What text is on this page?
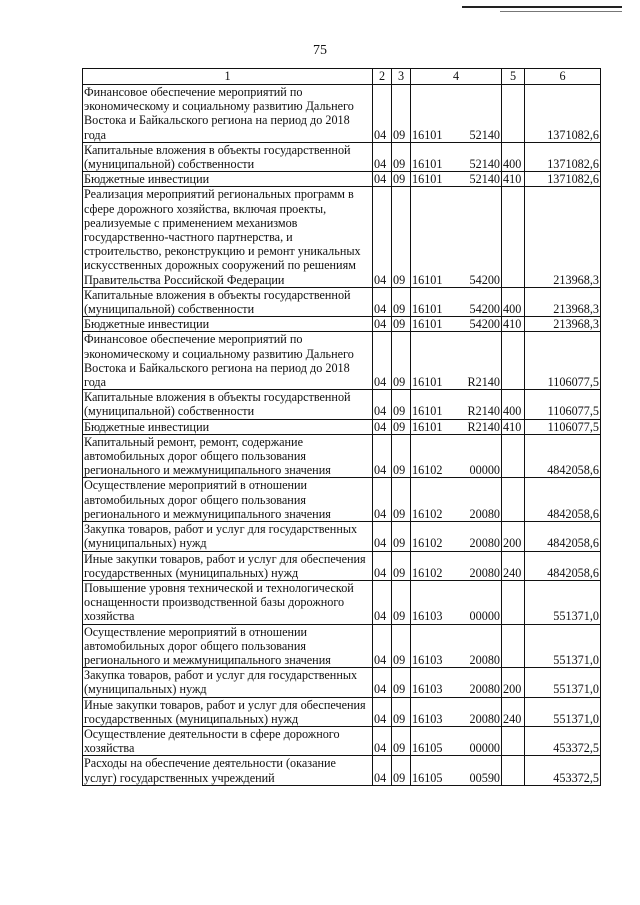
75
1	2	3	4	5	6
Финансовое обеспечение мероприятий по экономическому и социальному развитию Дальнего Востока и Байкальского региона на период до 2018 года	04	09	16101 52140		1371082,6
Капитальные вложения в объекты государственной (муниципальной) собственности	04	09	16101 52140	400	1371082,6
Бюджетные инвестиции	04	09	16101 52140	410	1371082,6
Реализация мероприятий региональных программ в сфере дорожного хозяйства, включая проекты, реализуемые с применением механизмов государственно-частного партнерства, и строительство, реконструкцию и ремонт уникальных искусственных дорожных сооружений по решениям Правительства Российской Федерации	04	09	16101 54200		213968,3
Капитальные вложения в объекты государственной (муниципальной) собственности	04	09	16101 54200	400	213968,3
Бюджетные инвестиции	04	09	16101 54200	410	213968,3
Финансовое обеспечение мероприятий по экономическому и социальному развитию Дальнего Востока и Байкальского региона на период до 2018 года	04	09	16101 R2140		1106077,5
Капитальные вложения в объекты государственной (муниципальной) собственности	04	09	16101 R2140	400	1106077,5
Бюджетные инвестиции	04	09	16101 R2140	410	1106077,5
Капитальный ремонт, ремонт, содержание автомобильных дорог общего пользования регионального и межмуниципального значения	04	09	16102 00000		4842058,6
Осуществление мероприятий в отношении автомобильных дорог общего пользования регионального и межмуниципального значения	04	09	16102 20080		4842058,6
Закупка товаров, работ и услуг для государственных (муниципальных) нужд	04	09	16102 20080	200	4842058,6
Иные закупки товаров, работ и услуг для обеспечения государственных (муниципальных) нужд	04	09	16102 20080	240	4842058,6
Повышение уровня технической и технологической оснащенности производственной базы дорожного хозяйства	04	09	16103 00000		551371,0
Осуществление мероприятий в отношении автомобильных дорог общего пользования регионального и межмуниципального значения	04	09	16103 20080		551371,0
Закупка товаров, работ и услуг для государственных (муниципальных) нужд	04	09	16103 20080	200	551371,0
Иные закупки товаров, работ и услуг для обеспечения государственных (муниципальных) нужд	04	09	16103 20080	240	551371,0
Осуществление деятельности в сфере дорожного хозяйства	04	09	16105 00000		453372,5
Расходы на обеспечение деятельности (оказание услуг) государственных учреждений	04	09	16105 00590		453372,5
